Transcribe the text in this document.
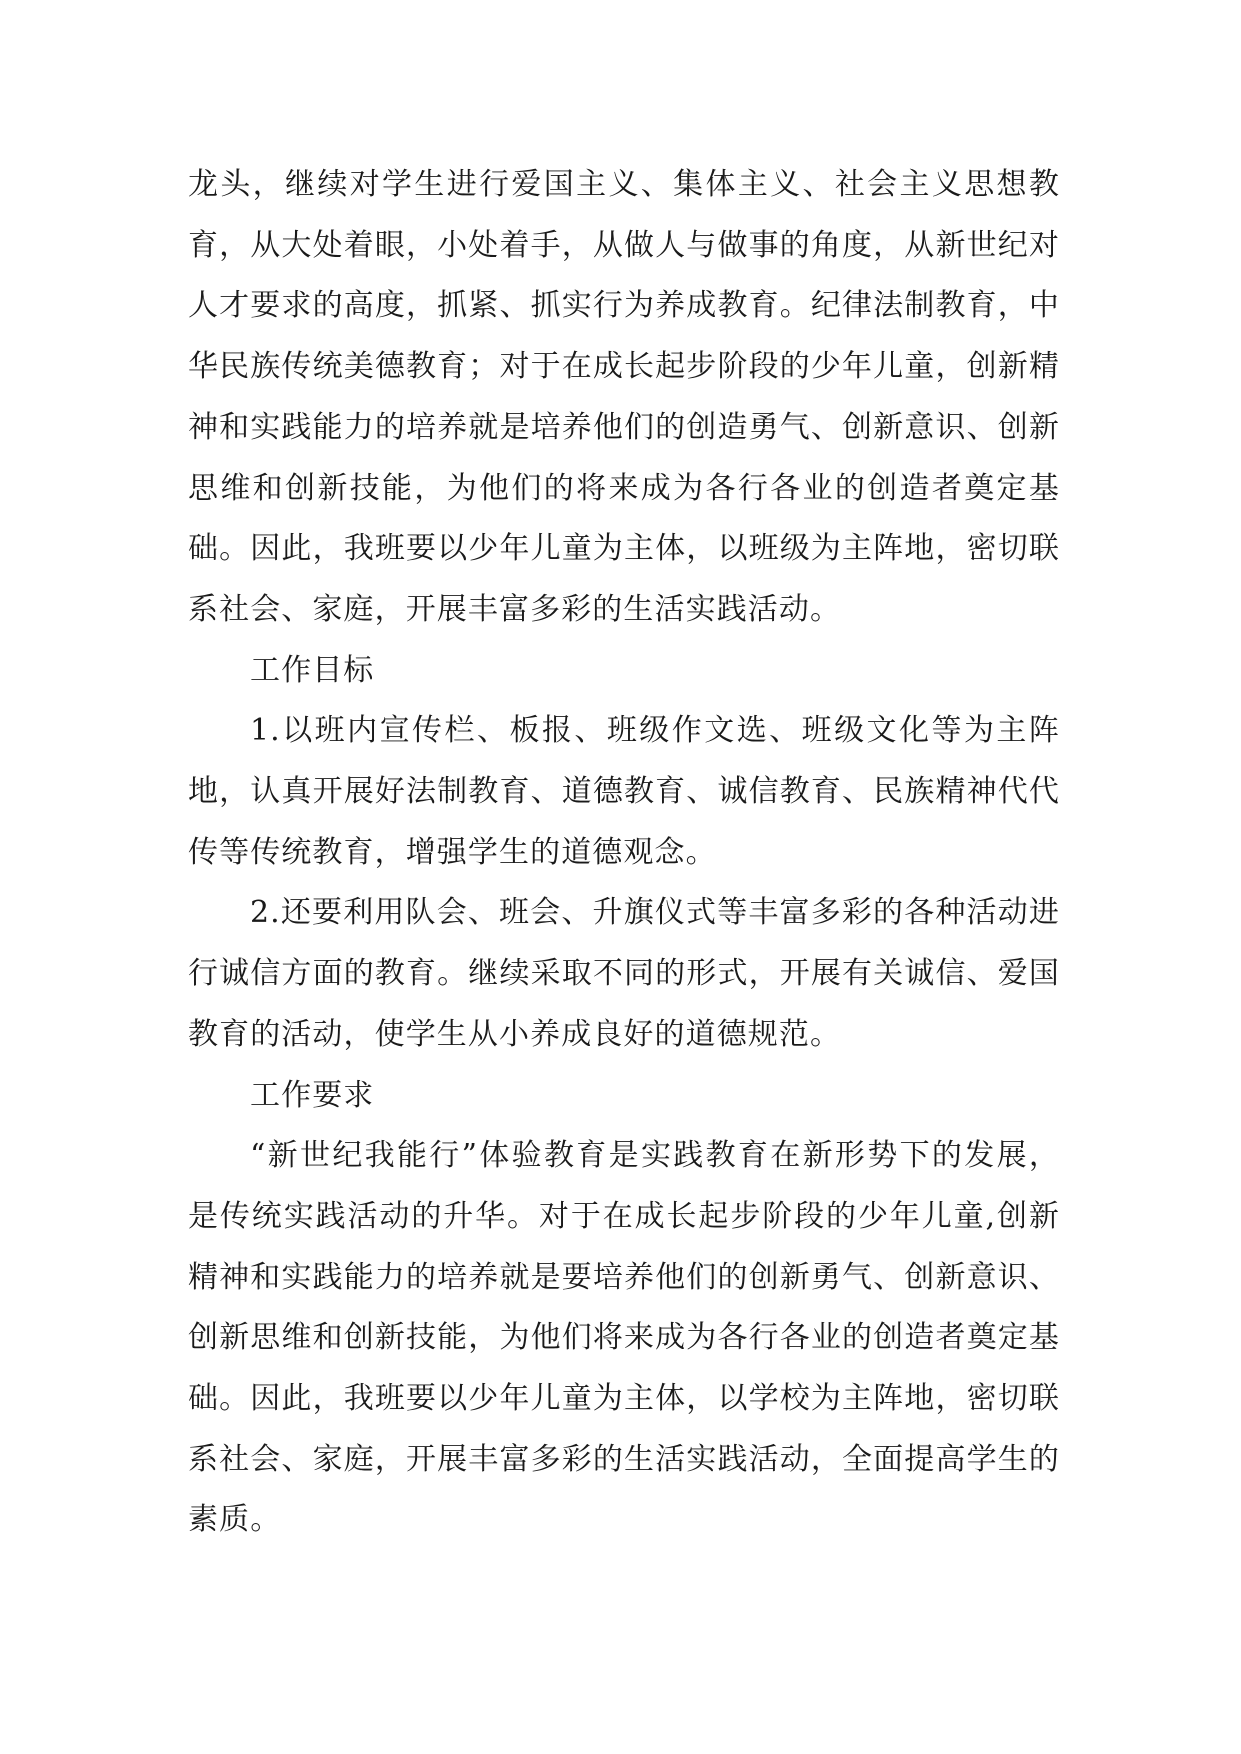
龙头，继续对学生进行爱国主义、集体主义、社会主义思想教育，从大处着眼，小处着手，从做人与做事的角度，从新世纪对人才要求的高度，抓紧、抓实行为养成教育。纪律法制教育，中华民族传统美德教育；对于在成长起步阶段的少年儿童，创新精神和实践能力的培养就是培养他们的创造勇气、创新意识、创新思维和创新技能，为他们的将来成为各行各业的创造者奠定基础。因此，我班要以少年儿童为主体，以班级为主阵地，密切联系社会、家庭，开展丰富多彩的生活实践活动。

工作目标

1.以班内宣传栏、板报、班级作文选、班级文化等为主阵地，认真开展好法制教育、道德教育、诚信教育、民族精神代代传等传统教育，增强学生的道德观念。

2.还要利用队会、班会、升旗仪式等丰富多彩的各种活动进行诚信方面的教育。继续采取不同的形式，开展有关诚信、爱国教育的活动，使学生从小养成良好的道德规范。

工作要求

“新世纪我能行”体验教育是实践教育在新形势下的发展，是传统实践活动的升华。对于在成长起步阶段的少年儿童,创新精神和实践能力的培养就是要培养他们的创新勇气、创新意识、创新思维和创新技能，为他们将来成为各行各业的创造者奠定基础。因此，我班要以少年儿童为主体，以学校为主阵地，密切联系社会、家庭，开展丰富多彩的生活实践活动，全面提高学生的素质。
